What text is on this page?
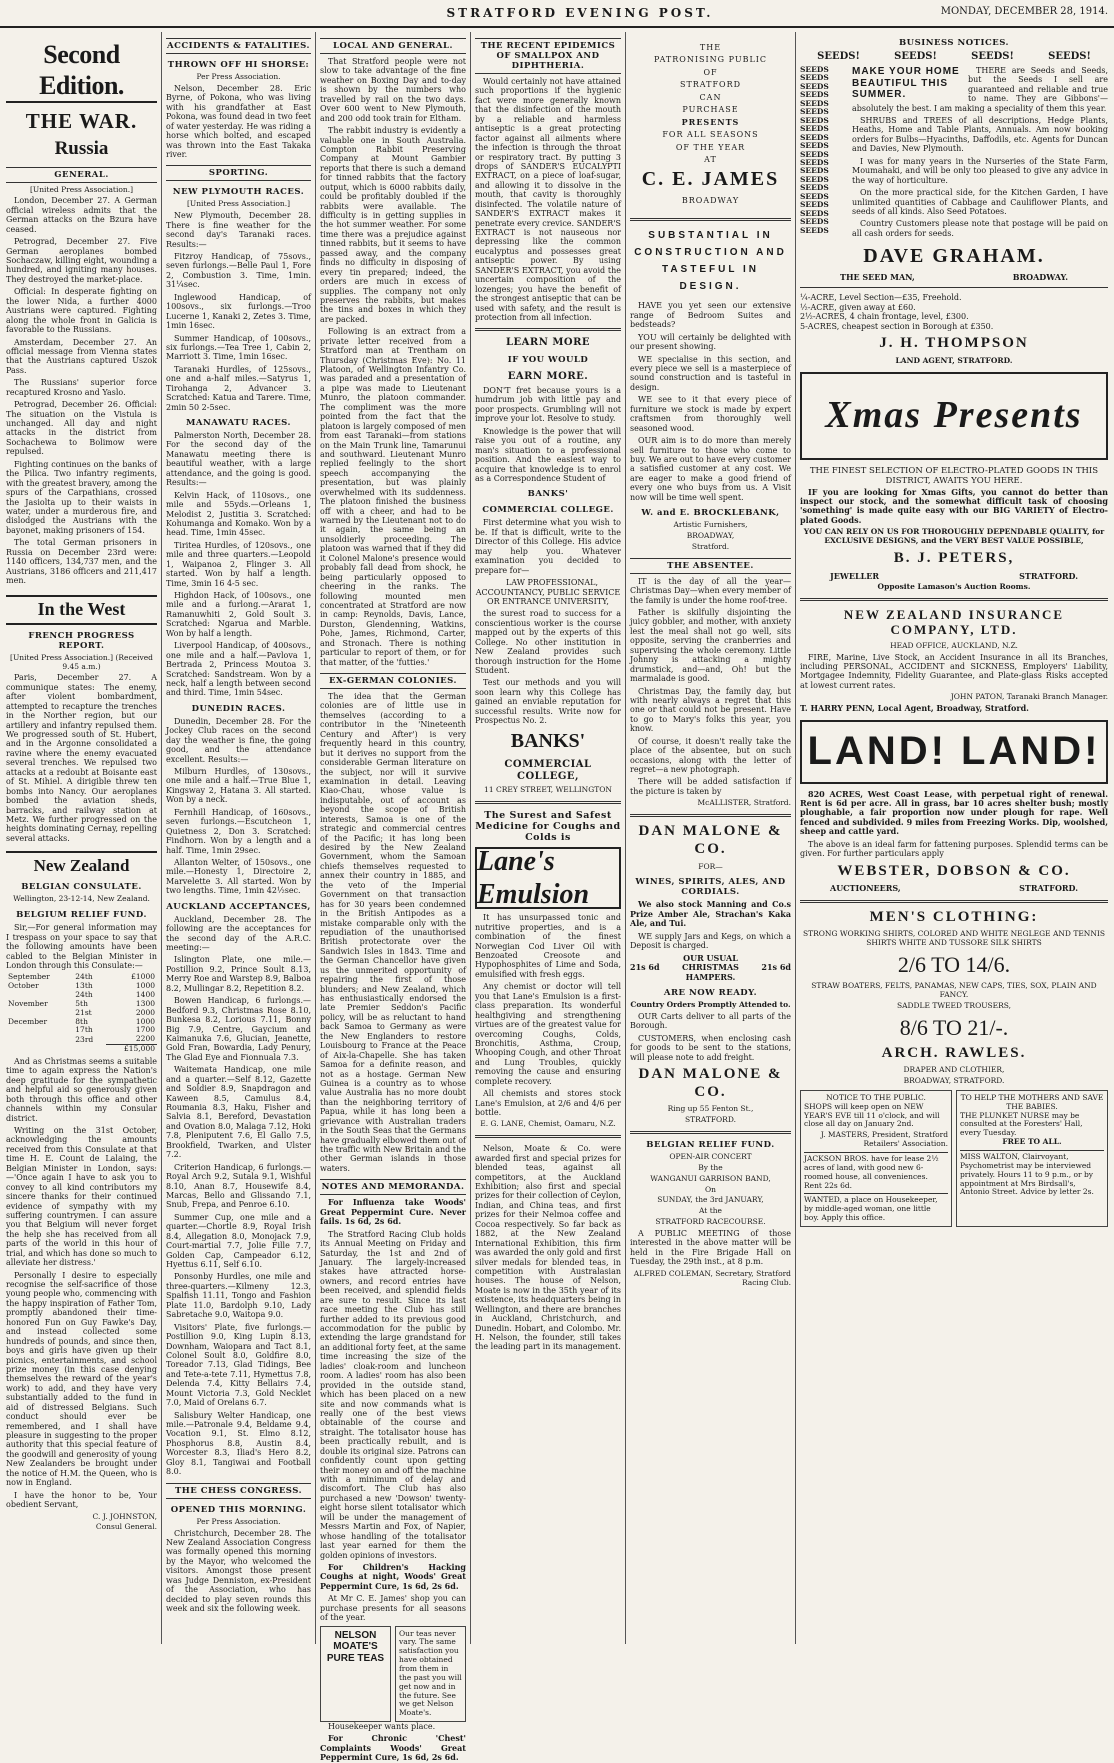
STRATFORD EVENING POST.	MONDAY, DECEMBER 28, 1914.
Second Edition.
THE WAR.
Russia
GENERAL.
[United Press Association.]

London, December 27. A German official wireless admits that the German attacks on the Bzura have ceased.

Petrograd, December 27. Five German aeroplanes bombed Sochaczaw, killing eight, wounding a hundred, and igniting many houses. They destroyed the market-place.

Official: In desperate fighting on the lower Nida, a further 4000 Austrians were captured. Fighting along the whole front in Galicia is favorable to the Russians.

Amsterdam, December 27. An official message from Vienna states that the Austrians captured Uszok Pass.

The Russians' superior force recaptured Krosno and Yaslo.

Petrograd, December 26. Official: The situation on the Vistula is unchanged. All day and night attacks in the district from Sochachewa to Bolimow were repulsed.

Fighting continues on the banks of the Pilica. Two infantry regiments, with the greatest bravery, among the spurs of the Carpathians, crossed the Jasiolta up to their waists in water, under a murderous fire, and dislodged the Austrians with the bayonet, making prisoners of 154.

The total German prisoners in Russia on December 23rd were: 1140 officers, 134,737 men, and the Austrians, 3186 officers and 211,417 men.

In the West
FRENCH PROGRESS REPORT.
[United Press Association.] (Received 9.45 a.m.)

Paris, December 27. A communique states: The enemy, after violent bombardment, attempted to recapture the trenches in the Norther region, but our artillery and infantry repulsed them. We progressed south of St. Hubert, and in the Argonne consolidated a ravine where the enemy evacuated several trenches. We repulsed two attacks at a redoubt at Boisante east of St. Mihiel. A dirigible threw ten bombs into Nancy. Our aeroplanes bombed the aviation sheds, barracks, and railway station at Metz. We further progressed on the heights dominating Cernay, repelling several attacks.

New Zealand
BELGIAN CONSULATE.
Wellington, 23-12-14, New Zealand.
BELGIUM RELIEF FUND.

Sir,—For general information may I trespass on your space to say that the following amounts have been cabled to the Belgian Minister in London through this Consulate:—

September	24th	£1000
October	13th	1000
	24th	1400
November	5th	1300
	21st	2000
December	8th	1000
	17th	1700
	23rd	2200
		£15,000

And as Christmas seems a suitable time to again express the Nation's deep gratitude for the sympathetic and helpful aid so generously given both through this office and other channels within my Consular district.

Writing on the 31st October, acknowledging the amounts received from this Consulate at that time H. E. Count de Lalaing, the Belgian Minister in London, says:—'Once again I have to ask you to convey to all kind contributors my sincere thanks for their continued evidence of sympathy with my suffering countrymen. I can assure you that Belgium will never forget the help she has received from all parts of the world in this hour of trial, and which has done so much to alleviate her distress.'

Personally I desire to especially recognise the self-sacrifice of those young people who, commencing with the happy inspiration of Father Tom, promptly abandoned their time-honored Fun on Guy Fawke's Day, and instead collected some hundreds of pounds, and since then, boys and girls have given up their picnics, entertainments, and school prize money (in this case denying themselves the reward of the year's work) to add, and they have very substantially added to the fund in aid of distressed Belgians. Such conduct should ever be remembered, and I shall have pleasure in suggesting to the proper authority that this special feature of the goodwill and generosity of young New Zealanders be brought under the notice of H.M. the Queen, who is now in England.

I have the honor to be, Your obedient Servant,

C. J. JOHNSTON,
Consul General.
ACCIDENTS & FATALITIES.
THROWN OFF HI SHORSE:
Per Press Association.

Nelson, December 28. Eric Byrne, of Pokona, who was living with his grandfather at East Pokona, was found dead in two feet of water yesterday. He was riding a horse which bolted, and escaped was thrown into the East Takaka river.

SPORTING.
NEW PLYMOUTH RACES.
[United Press Association.]

New Plymouth, December 28. There is fine weather for the second day's Taranaki races. Results:—

Fitzroy Handicap, of 75sovs., seven furlongs.—Belle Paul 1, Fore 2, Combustion 3. Time, 1min. 31¼sec.

Inglewood Handicap, of 100sovs., six furlongs.—Troo Lucerne 1, Kanaki 2, Zetes 3. Time, 1min 16sec.

Summer Handicap, of 100sovs., six furlongs.—Tea Tree 1, Cabin 2, Marriott 3. Time, 1min 16sec.

Taranaki Hurdles, of 125sovs., one and a-half miles.—Satyrus 1, Tirohanga 2, Advancer 3. Scratched: Katua and Tarere. Time, 2min 50 2-5sec.

MANAWATU RACES.

Palmerston North, December 28. For the second day of the Manawatu meeting there is beautiful weather, with a large attendance, and the going is good. Results:—

Kelvin Hack, of 110sovs., one mile and 55yds.—Orleans 1, Melodist 2, Justitia 3. Scratched: Kohumanga and Komako. Won by a head. Time, 1min 45sec.

Tiritea Hurdles, of 120sovs., one mile and three quarters.—Leopold 1, Waipanoa 2, Flinger 3. All started. Won by half a length. Time, 3min 16 4-5 sec.

Highdon Hack, of 100sovs., one mile and a furlong.—Ararat 1, Ramanuwhiti 2, Gold Soult 3. Scratched: Ngarua and Marble. Won by half a length.

Liverpool Handicap, of 400sovs., one mile and a half.—Pavlova 1, Bertrada 2, Princess Moutoa 3. Scratched: Sandstream. Won by a neck, half a length between second and third. Time, 1min 54sec.

DUNEDIN RACES.

Dunedin, December 28. For the Jockey Club races on the second day the weather is fine, the going good, and the attendance excellent. Results:—

Milburn Hurdles, of 130sovs., one mile and a half.—True Blue 1, Kingsway 2, Hatana 3. All started. Won by a neck.

Fernhill Handicap, of 160sovs., seven furlongs.—Escutcheon 1, Quietness 2, Don 3. Scratched: Findhorn. Won by a length and a half. Time, 1min 29sec.

Allanton Welter, of 150sovs., one mile.—Honesty 1, Directoire 2, Marvelette 3. All started. Won by two lengths. Time, 1min 42½sec.

AUCKLAND ACCEPTANCES,

Auckland, December 28. The following are the acceptances for the second day of the A.R.C. meeting:—

Islington Plate, one mile.—Postillion 9.2, Prince Soult 8.13, Merry Roe and Warstep 8.9, Balboa 8.2, Mullingar 8.2, Repetition 8.2.

Bowen Handicap, 6 furlongs.—Bedford 9.3, Christmas Rose 8.10, Bunkesa 8.2, Lorious 7.11, Bonny Big 7.9, Centre, Gaycium and Kaimanuka 7.6, Glucian, Jeanette, Gold Fran, Bowardia, Lady Penury, The Glad Eye and Fionnuala 7.3.

Waitemata Handicap, one mile and a quarter.—Self 8.12, Gazette and Soldier 8.9, Snapdragon and Kaween 8.5, Camulus 8.4, Roumania 8.3, Haku, Fisher and Salvia 8.1, Bereford, Devastation and Ovation 8.0, Malaga 7.12, Hoki 7.8, Pleniputent 7.6, El Gallo 7.5, Brookfield, Twarken, and Ulster 7.2.

Criterion Handicap, 6 furlongs.—Royal Arch 9.2, Sutala 9.1, Wishful 8.10, Anan 8.7, Housewife 8.4, Marcas, Bello and Glissando 7.1, Snub, Frepa, and Penroe 6.10.

Summer Cup, one mile and a quarter.—Chortle 8.9, Royal Irish 8.4, Allegation 8.0, Monojack 7.9, Court-martial 7.7, Jolie Fille 7.7, Golden Cap, Campeador 6.12, Hyettus 6.11, Self 6.10.

Ponsonby Hurdles, one mile and three-quarters.—Kilmeny 12.3, Spalfish 11.11, Tongo and Fashion Plate 11.0, Bardolph 9.10, Lady Sabretache 9.0, Waitopa 9.0.

Visitors' Plate, five furlongs.—Postillion 9.0, King Lupin 8.13, Downham, Waiopara and Tact 8.1, Colonel Soult 8.0, Goldfire 8.0, Toreador 7.13, Glad Tidings, Bee and Tete-a-tete 7.11, Hymettus 7.8, Delenda 7.4, Kitty Bellairs 7.4, Mount Victoria 7.3, Gold Necklet 7.0, Maid of Orelans 6.7.

Salisbury Welter Handicap, one mile.—Patronale 9.4, Beldame 9.4, Vocation 9.1, St. Elmo 8.12, Phosphorus 8.8, Austin 8.4, Worcester 8.3, Iliad's Hero 8.2, Gloy 8.1, Tangiwai and Football 8.0.

THE CHESS CONGRESS.
OPENED THIS MORNING.
Per Press Association.

Christchurch, December 28. The New Zealand Association Congress was formally opened this morning by the Mayor, who welcomed the visitors. Amongst those present was Judge Denniston, ex-President of the Association, who has decided to play seven rounds this week and six the following week.

LOCAL AND GENERAL.

That Stratford people were not slow to take advantage of the fine weather on Boxing Day and to-day is shown by the numbers who travelled by rail on the two days. Over 600 went to New Plymouth, and 200 odd took train for Eltham.

The rabbit industry is evidently a valuable one in South Australia. Compton Rabbit Preserving Company at Mount Gambier reports that there is such a demand for tinned rabbits that the factory output, which is 6000 rabbits daily, could be profitably doubled if the rabbits were available. The difficulty is in getting supplies in the hot summer weather. For some time there was a prejudice against tinned rabbits, but it seems to have passed away, and the company finds no difficulty in disposing of every tin prepared; indeed, the orders are much in excess of supplies. The company not only preserves the rabbits, but makes the tins and boxes in which they are packed.

Following is an extract from a private letter received from a Stratford man at Trentham on Thursday (Christmas Eve): No. 11 Platoon, of Wellington Infantry Co. was paraded and a presentation of a pipe was made to Lieutenant Munro, the platoon commander. The compliment was the more pointed from the fact that the platoon is largely composed of men from east Taranaki—from stations on the Main Trunk line, Tamarunui and southward. Lieutenant Munro replied feelingly to the short speech accompanying the presentation, but was plainly overwhelmed with its suddenness. The platoon finished the business off with a cheer, and had to be warned by the Lieutenant not to do it again, the same being an unsoldierly proceeding. The platoon was warned that if they did it Colonel Malone's presence would probably fall dead from shock, he being particularly opposed to cheering in the ranks. The following mounted men concentrated at Stratford are now in camp: Reynolds, Davis, Lance, Durston, Glendenning, Watkins, Pohe, James, Richmond, Carter, and Stronach. There is nothing particular to report of them, or for that matter, of the 'futties.'

EX-GERMAN COLONIES.

The idea that the German colonies are of little use in themselves (according to a contributor in the 'Nineteenth Century and After') is very frequently heard in this country, but it derives no support from the considerable German literature on the subject, nor will it survive examination in detail. Leaving Kiao-Chau, whose value is indisputable, out of account as beyond the scope of British interests, Samoa is one of the strategic and commercial centres of the Pacific; it has long been desired by the New Zealand Government, whom the Samoan chiefs themselves requested to annex their country in 1885, and the veto of the Imperial Government on that transaction has for 30 years been condemned in the British Antipodes as a mistake comparable only with the repudiation of the unauthorised British protectorate over the Sandwich Isles in 1843. Time and the German Chancellor have given us the unmerited opportunity of repairing the first of those blunders; and New Zealand, which has enthusiastically endorsed the late Premier Seddon's Pacific policy, will be as reluctant to hand back Samoa to Germany as were the New Englanders to restore Louisbourg to France at the Peace of Aix-la-Chapelle. She has taken Samoa for a definite reason, and not as a hostage. German New Guinea is a country as to whose value Australia has no more doubt than the neighboring territory of Papua, while it has long been a grievance with Australian traders in the South Seas that the Germans have gradually elbowed them out of the traffic with New Britain and the other German islands in those waters.

NOTES AND MEMORANDA.

For Influenza take Woods' Great Peppermint Cure. Never fails. 1s 6d, 2s 6d.

The Stratford Racing Club holds its Annual Meeting on Friday and Saturday, the 1st and 2nd of January. The largely-increased stakes have attracted horse-owners, and record entries have been received, and splendid fields are sure to result. Since its last race meeting the Club has still further added to its previous good accommodation for the public by extending the large grandstand for an additional forty feet, at the same time increasing the size of the ladies' cloak-room and luncheon room. A ladies' room has also been provided in the outside stand, which has been placed on a new site and now commands what is really one of the best views obtainable of the course and straight. The totalisator house has been practically rebuilt, and is double its original size. Patrons can confidently count upon getting their money on and off the machine with a minimum of delay and discomfort. The Club has also purchased a new 'Dowson' twenty-eight horse silent totalisator which will be under the management of Messrs Martin and Fox, of Napier, whose handling of the totalisator last year earned for them the golden opinions of investors.

For Children's Hacking Coughs at night, Woods' Great Peppermint Cure, 1s 6d, 2s 6d.

At Mr C. E. James' shop you can purchase presents for all seasons of the year.

NELSON MOATE'S PURE TEAS
Our teas never vary. The same satisfaction you have obtained from them in the past you will get now and in the future. See we get Nelson Moate's.

Housekeeper wants place.

For Chronic 'Chest' Complaints Woods' Great Peppermint Cure, 1s 6d, 2s 6d.

THE RECENT EPIDEMICS OF SMALLPOX AND DIPHTHERIA.

Would certainly not have attained such proportions if the hygienic fact were more generally known that the disinfection of the mouth by a reliable and harmless antiseptic is a great protecting factor against all ailments where the infection is through the throat or respiratory tract. By putting 3 drops of SANDER'S EUCALYPTI EXTRACT, on a piece of loaf-sugar, and allowing it to dissolve in the mouth, that cavity is thoroughly disinfected. The volatile nature of SANDER'S EXTRACT makes it penetrate every crevice. SANDER'S EXTRACT is not nauseous nor depressing like the common eucalyptus and possesses great antiseptic power. By using SANDER'S EXTRACT, you avoid the uncertain composition of the lozenges; you have the benefit of the strongest antiseptic that can be used with safety, and the result is protection from all infection.

LEARN MORE
IF YOU WOULD
EARN MORE.

DON'T fret because yours is a humdrum job with little pay and poor prospects. Grumbling will not improve your lot. Resolve to study.

Knowledge is the power that will raise you out of a routine, any man's situation to a professional position. And the easiest way to acquire that knowledge is to enrol as a Correspondence Student of

BANKS'
COMMERCIAL COLLEGE.

First determine what you wish to be. If that is difficult, write to the Director of this College. His advice may help you. Whatever examination you decided to prepare for—

LAW PROFESSIONAL, ACCOUNTANCY, PUBLIC SERVICE OR ENTRANCE UNIVERSITY,

the surest road to success for a conscientious worker is the course mapped out by the experts of this College. No other institution in New Zealand provides such thorough instruction for the Home Student.

Test our methods and you will soon learn why this College has gained an enviable reputation for successful results. Write now for Prospectus No. 2.

BANKS'
COMMERCIAL COLLEGE,
11 CREY STREET, WELLINGTON
The Surest and Safest Medicine for Coughs and Colds is
Lane's Emulsion

It has unsurpassed tonic and nutritive properties, and is a combination of the finest Norwegian Cod Liver Oil with Benzoated Creosote and Hypophosphites of Lime and Soda, emulsified with fresh eggs.

Any chemist or doctor will tell you that Lane's Emulsion is a first-class preparation. Its wonderful healthgiving and strengthening virtues are of the greatest value for overcoming Coughs, Colds, Bronchitis, Asthma, Croup, Whooping Cough, and other Throat and Lung Troubles, quickly removing the cause and ensuring complete recovery.

All chemists and stores stock Lane's Emulsion, at 2/6 and 4/6 per bottle.

E. G. LANE, Chemist, Oamaru, N.Z.

Nelson, Moate & Co. were awarded first and special prizes for blended teas, against all competitors, at the Auckland Exhibition; also first and special prizes for their collection of Ceylon, Indian, and China teas, and first prizes for their Nelmoa coffee and Cocoa respectively. So far back as 1882, at the New Zealand International Exhibition, this firm was awarded the only gold and first silver medals for blended teas, in competition with Australasian houses. The house of Nelson, Moate is now in the 35th year of its existence, its headquarters being in Wellington, and there are branches in Auckland, Christchurch, and Dunedin. Hobart, and Colombo. Mr. H. Nelson, the founder, still takes the leading part in its management.

THE
PATRONISING PUBLIC
OF
STRATFORD
CAN
PURCHASE
PRESENTS
FOR ALL SEASONS
OF THE YEAR
AT
C. E. JAMES
BROADWAY
SUBSTANTIAL IN CONSTRUCTION AND TASTEFUL IN DESIGN.

HAVE you yet seen our extensive range of Bedroom Suites and bedsteads?

YOU will certainly be delighted with our present showing.

WE specialise in this section, and every piece we sell is a masterpiece of sound construction and is tasteful in design.

WE see to it that every piece of furniture we stock is made by expert craftsmen from thoroughly well seasoned wood.

OUR aim is to do more than merely sell furniture to those who come to buy. We are out to have every customer a satisfied customer at any cost. We are eager to make a good friend of every one who buys from us. A Visit now will be time well spent.

W. and E. BROCKLEBANK,
Artistic Furnishers,
BROADWAY,
Stratford.
THE ABSENTEE.

IT is the day of all the year—Christmas Day—when every member of the family is under the home roof-tree.

Father is skilfully disjointing the juicy gobbler, and mother, with anxiety lest the meal shall not go well, sits opposite, serving the cranberries and supervising the whole ceremony. Little Johnny is attacking a mighty drumstick, and—and, Oh! but the marmalade is good.

Christmas Day, the family day, but with nearly always a regret that this one or that could not be present. Have to go to Mary's folks this year, you know.

Of course, it doesn't really take the place of the absentee, but on such occasions, along with the letter of regret—a new photograph.

There will be added satisfaction if the picture is taken by

McALLISTER, Stratford.
DAN MALONE & CO.
FOR—
WINES, SPIRITS, ALES, AND CORDIALS.

We also stock Manning and Co.s Prize Amber Ale, Strachan's Kaka Ale, and Tui.

WE supply Jars and Kegs, on which a Deposit is charged.

21s 6d
OUR USUAL CHRISTMAS HAMPERS.
21s 6d
ARE NOW READY.
Country Orders Promptly Attended to.

OUR Carts deliver to all parts of the Borough.

CUSTOMERS, when enclosing cash for goods to be sent to the stations, will please note to add freight.

DAN MALONE & CO.
Ring up 55 Fenton St.,
STRATFORD.
BELGIAN RELIEF FUND.
OPEN-AIR CONCERT
By the
WANGANUI GARRISON BAND,
On
SUNDAY, the 3rd JANUARY,
At the
STRATFORD RACECOURSE.

A PUBLIC MEETING of those interested in the above matter will be held in the Fire Brigade Hall on Tuesday, the 29th inst., at 8 p.m.

ALFRED COLEMAN, Secretary, Stratford Racing Club.
BUSINESS NOTICES.
SEEDS!	SEEDS!	SEEDS!	SEEDS!
SEEDS
SEEDS
SEEDS
SEEDS
SEEDS
SEEDS
SEEDS
SEEDS
SEEDS
SEEDS
SEEDS
SEEDS
SEEDS
SEEDS
SEEDS
SEEDS
SEEDS
SEEDS
SEEDS
SEEDS
MAKE YOUR HOME BEAUTIFUL THIS SUMMER.

THERE are Seeds and Seeds, but the Seeds I sell are guaranteed and reliable and true to name. They are Gibbons'—absolutely the best. I am making a speciality of them this year.

SHRUBS and TREES of all descriptions, Hedge Plants, Heaths, Home and Table Plants, Annuals. Am now booking orders for Bulbs—Hyacinths, Daffodils, etc. Agents for Duncan and Davies, New Plymouth.

I was for many years in the Nurseries of the State Farm, Moumahaki, and will be only too pleased to give any advice in the way of horticulture.

On the more practical side, for the Kitchen Garden, I have unlimited quantities of Cabbage and Cauliflower Plants, and seeds of all kinds. Also Seed Potatoes.

Country Customers please note that postage will be paid on all cash orders for seeds.

DAVE GRAHAM.
THE SEED MAN,	BROADWAY.
¼-ACRE, Level Section—£35, Freehold.
½-ACRE, given away at £60.
2½-ACRES, 4 chain frontage, level, £300.
5-ACRES, cheapest section in Borough at £350.
J. H. THOMPSON
LAND AGENT, STRATFORD.
Xmas Presents
THE FINEST SELECTION OF ELECTRO-PLATED GOODS IN THIS DISTRICT, AWAITS YOU HERE.

IF you are looking for Xmas Gifts, you cannot do better than inspect our stock, and the somewhat difficult task of choosing 'something' is made quite easy with our BIG VARIETY of Electro-plated Goods.

YOU CAN RELY ON US FOR THOROUGHLY DEPENDABLE QUALITY, for EXCLUSIVE DESIGNS, and the VERY BEST VALUE POSSIBLE,
B. J. PETERS,
JEWELLER	STRATFORD.
Opposite Lamason's Auction Rooms.
NEW ZEALAND INSURANCE COMPANY, LTD.
HEAD OFFICE, AUCKLAND, N.Z.

FIRE, Marine, Live Stock, an Accident Insurance in all its Branches, including PERSONAL, ACCIDENT and SICKNESS, Employers' Liability, Mortgagee Indemnity, Fidelity Guarantee, and Plate-glass Risks accepted at lowest current rates.

JOHN PATON, Taranaki Branch Manager.
T. HARRY PENN, Local Agent, Broadway, Stratford.
LAND! LAND!

820 ACRES, West Coast Lease, with perpetual right of renewal. Rent is 6d per acre. All in grass, bar 10 acres shelter bush; mostly ploughable, a fair proportion now under plough for rape. Well fenced and subdivided. 9 miles from Freezing Works. Dip, woolshed, sheep and cattle yard.

The above is an ideal farm for fattening purposes. Splendid terms can be given. For further particulars apply

WEBSTER, DOBSON & CO.
AUCTIONEERS,	STRATFORD.
MEN'S CLOTHING:
STRONG WORKING SHIRTS, COLORED AND WHITE NEGLEGE AND TENNIS SHIRTS WHITE AND TUSSORE SILK SHIRTS
2/6 TO 14/6.
STRAW BOATERS, FELTS, PANAMAS, NEW CAPS, TIES, SOX, PLAIN AND FANCY.
SADDLE TWEED TROUSERS,
8/6 TO 21/-.
ARCH. RAWLES.
DRAPER AND CLOTHIER,
BROADWAY, STRATFORD.
NOTICE TO THE PUBLIC.
SHOPS will keep open on NEW YEAR'S EVE till 11 o'clock, and will close all day on January 2nd.
J. MASTERS, President, Stratford Retailers' Association.
JACKSON BROS. have for lease 2½ acres of land, with good new 6-roomed house, all conveniences. Rent 22s 6d.
WANTED, a place on Housekeeper, by middle-aged woman, one little boy. Apply this office.
TO HELP THE MOTHERS AND SAVE THE BABIES.
THE PLUNKET NURSE may be consulted at the Foresters' Hall, every Tuesday.
FREE TO ALL.
MISS WALTON, Clairvoyant, Psychometrist may be interviewed privately. Hours 11 to 9 p.m., or by appointment at Mrs Birdsall's, Antonio Street. Advice by letter 2s.
